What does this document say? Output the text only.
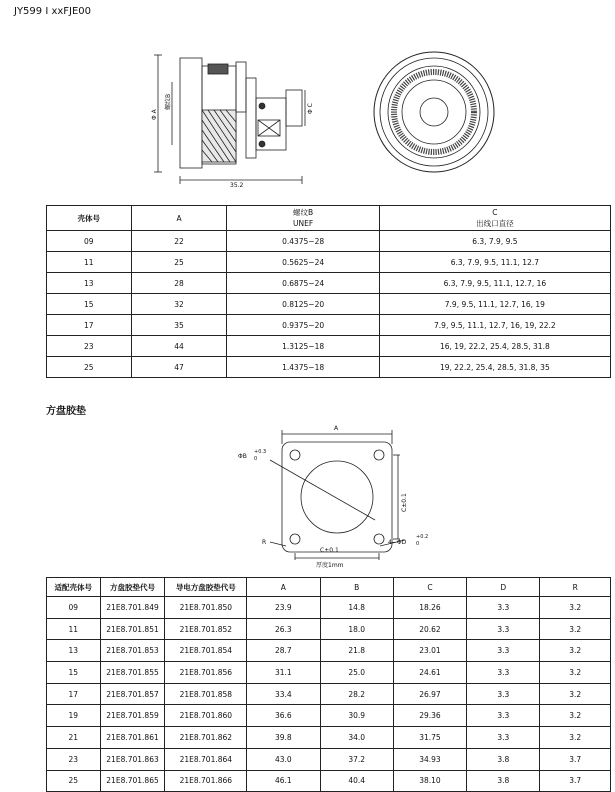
JY599 I xxFJE00
Φ A
螺纹B	Φ C
35.2
壳体号	A	螺纹B
UNEF	C
出线口直径
09	22	0.4375−28	6.3, 7.9, 9.5
11	25	0.5625−24	6.3, 7.9, 9.5, 11.1, 12.7
13	28	0.6875−24	6.3, 7.9, 9.5, 11.1, 12.7, 16
15	32	0.8125−20	7.9, 9.5, 11.1, 12.7, 16, 19
17	35	0.9375−20	7.9, 9.5, 11.1, 12.7, 16, 19, 22.2
23	44	1.3125−18	16, 19, 22.2, 25.4, 28.5, 31.8
25	47	1.4375−18	19, 22.2, 25.4, 28.5, 31.8, 35
方盘胶垫
A
ΦB
+0.3
0
R
C±0.1
C±0.1
4−ΦD
+0.2
0
厚度1mm
适配壳体号	方盘胶垫代号	导电方盘胶垫代号	A	B	C	D	R
09	21E8.701.849	21E8.701.850	23.9	14.8	18.26	3.3	3.2
11	21E8.701.851	21E8.701.852	26.3	18.0	20.62	3.3	3.2
13	21E8.701.853	21E8.701.854	28.7	21.8	23.01	3.3	3.2
15	21E8.701.855	21E8.701.856	31.1	25.0	24.61	3.3	3.2
17	21E8.701.857	21E8.701.858	33.4	28.2	26.97	3.3	3.2
19	21E8.701.859	21E8.701.860	36.6	30.9	29.36	3.3	3.2
21	21E8.701.861	21E8.701.862	39.8	34.0	31.75	3.3	3.2
23	21E8.701.863	21E8.701.864	43.0	37.2	34.93	3.8	3.7
25	21E8.701.865	21E8.701.866	46.1	40.4	38.10	3.8	3.7
